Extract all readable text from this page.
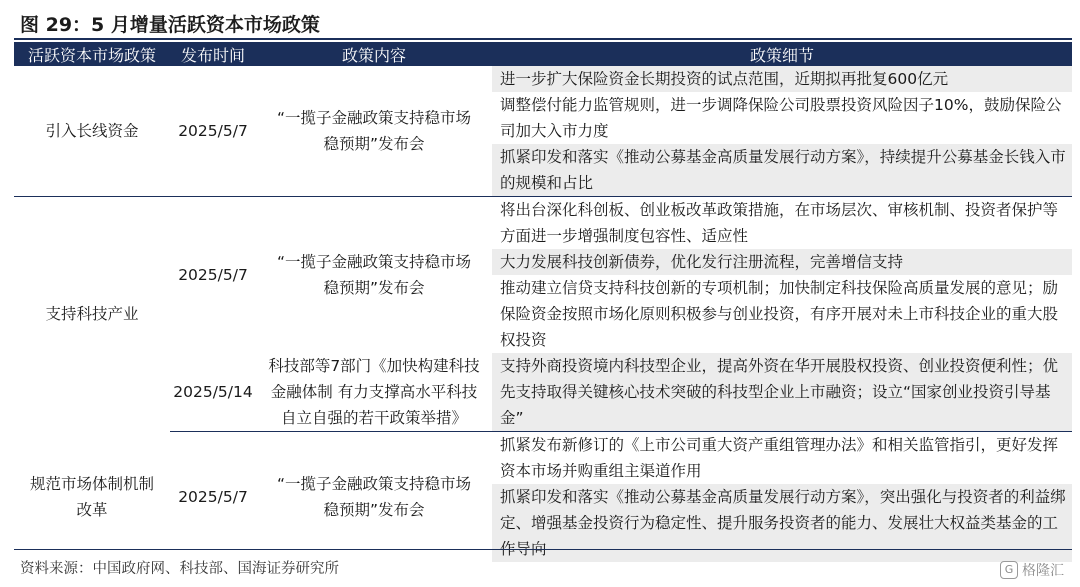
图 29：5 月增量活跃资本市场政策
活跃资本市场政策	发布时间	政策内容	政策细节

引入长线资金	2025/5/7	“一揽子金融政策支持稳市场稳预期”发布会	进一步扩大保险资金长期投资的试点范围，近期拟再批复600亿元
调整偿付能力监管规则，进一步调降保险公司股票投资风险因子10%，鼓励保险公司加大入市力度
抓紧印发和落实《推动公募基金高质量发展行动方案》，持续提升公募基金长钱入市的规模和占比

支持科技产业	2025/5/7	“一揽子金融政策支持稳市场稳预期”发布会	将出台深化科创板、创业板改革政策措施，在市场层次、审核机制、投资者保护等方面进一步增强制度包容性、适应性
大力发展科技创新债券，优化发行注册流程，完善增信支持
推动建立信贷支持科技创新的专项机制；加快制定科技保险高质量发展的意见；励保险资金按照市场化原则积极参与创业投资，有序开展对未上市科技企业的重大股权投资

	2025/5/14	科技部等7部门《加快构建科技金融体制 有力支撑高水平科技自立自强的若干政策举措》	支持外商投资境内科技型企业，提高外资在华开展股权投资、创业投资便利性；优先支持取得关键核心技术突破的科技型企业上市融资；设立“国家创业投资引导基金”

规范市场体制机制改革	2025/5/7	“一揽子金融政策支持稳市场稳预期”发布会	抓紧发布新修订的《上市公司重大资产重组管理办法》和相关监管指引，更好发挥资本市场并购重组主渠道作用
抓紧印发和落实《推动公募基金高质量发展行动方案》，突出强化与投资者的利益绑定、增强基金投资行为稳定性、提升服务投资者的能力、发展壮大权益类基金的工作导向
资料来源：中国政府网、科技部、国海证券研究所	G 格隆汇
